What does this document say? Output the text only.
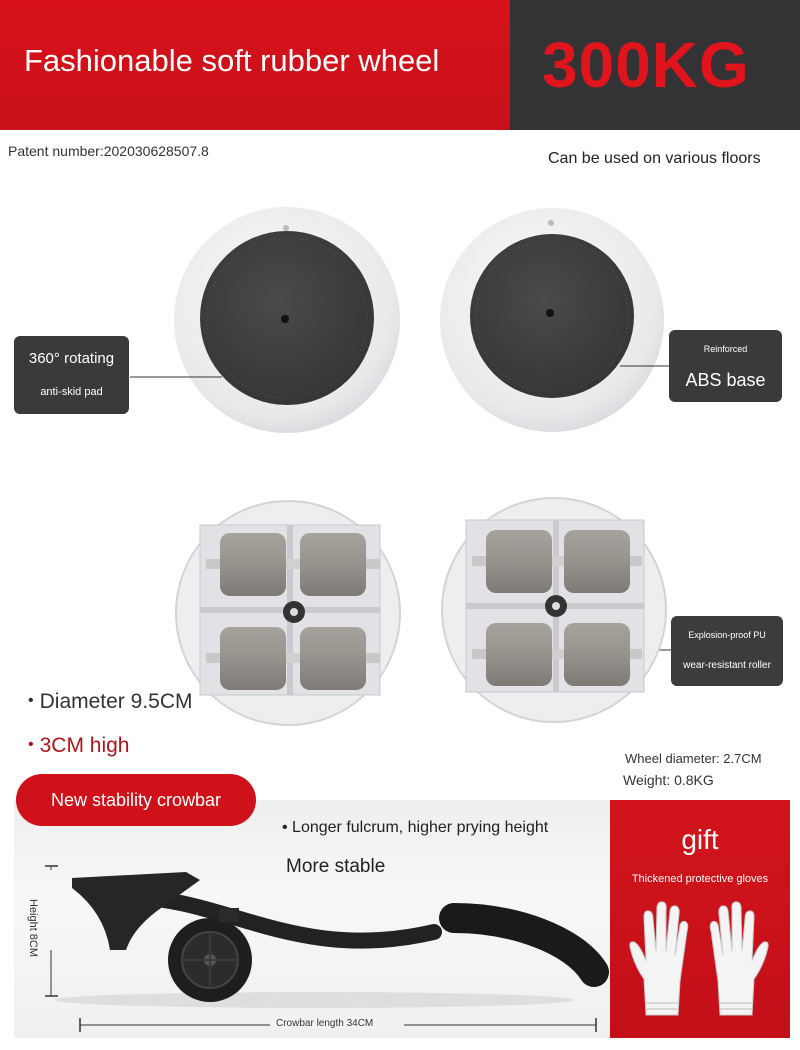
Fashionable soft rubber wheel 300KG
Patent number:202030628507.8	Can be used on various floors
360° rotating
anti-skid pad
Reinforced
ABS base
Explosion-proof PU
wear-resistant roller
• Diameter 9.5CM
• 3CM high
Wheel diameter: 2.7CM
Weight: 0.8KG
New stability crowbar
• Longer fulcrum, higher prying height
More stable
Height 8CM
Crowbar length 34CM
gift
Thickened protective gloves
